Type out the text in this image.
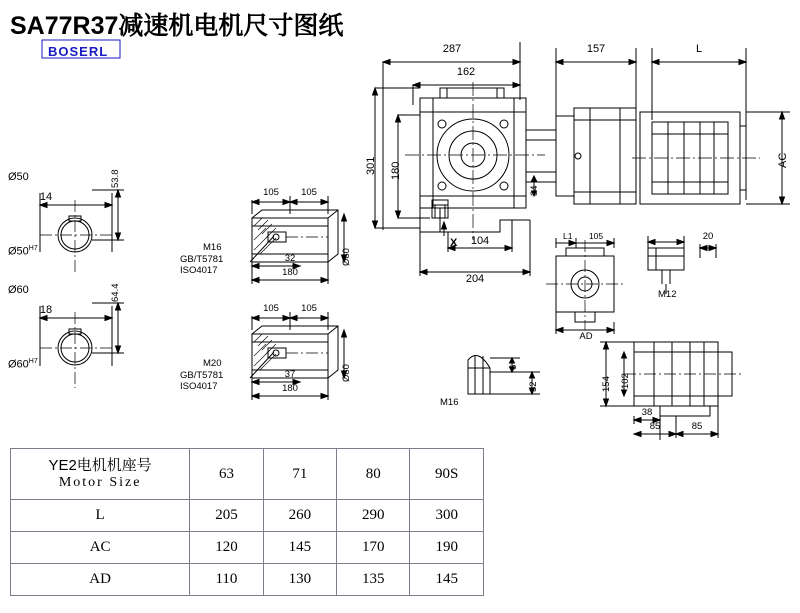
SA77R37减速机电机尺寸图纸
BOSERL	287
162
157	L
301 180
34
AC
104
204
X
Ø50
14
53.8
$Ø50^{H7}$
Ø60
18
64.4
$Ø60^{H7}$
105 105
M16
GB/T5781
ISO4017
32
180
Ø80
105 105
M20
GB/T5781
ISO4017
37
180
Ø80
M16
6
32
L1 105
AD
20
M12
154 102
38
85	85
YE2电机机座号
Motor Size	63	71	80	90S
L	205	260	290	300
AC	120	145	170	190
AD	110	130	135	145
